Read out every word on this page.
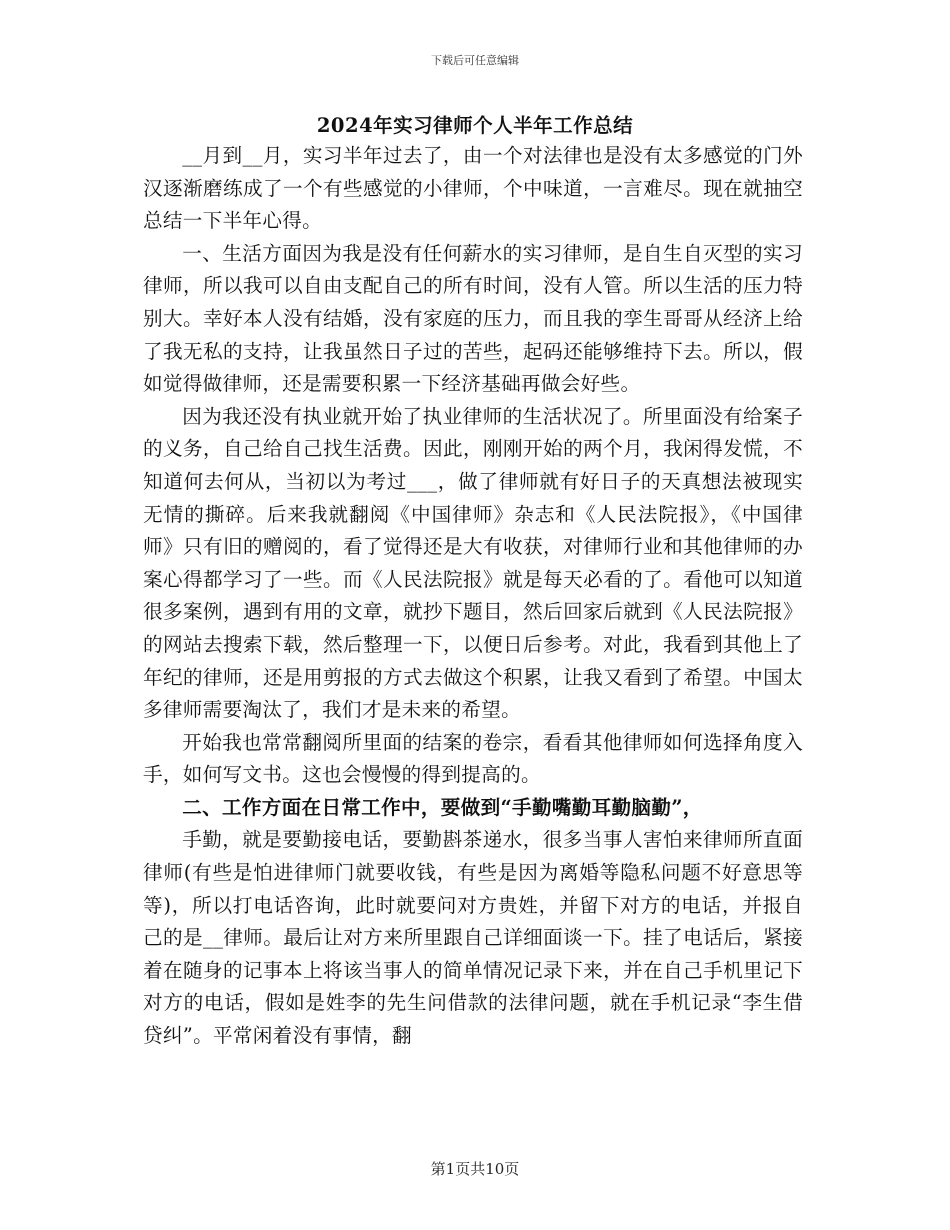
下载后可任意编辑
2024年实习律师个人半年工作总结

__月到__月，实习半年过去了，由一个对法律也是没有太多感觉的门外汉逐渐磨练成了一个有些感觉的小律师，个中味道，一言难尽。现在就抽空总结一下半年心得。

一、生活方面因为我是没有任何薪水的实习律师，是自生自灭型的实习律师，所以我可以自由支配自己的所有时间，没有人管。所以生活的压力特别大。幸好本人没有结婚，没有家庭的压力，而且我的孪生哥哥从经济上给了我无私的支持，让我虽然日子过的苦些，起码还能够维持下去。所以，假如觉得做律师，还是需要积累一下经济基础再做会好些。

因为我还没有执业就开始了执业律师的生活状况了。所里面没有给案子的义务，自己给自己找生活费。因此，刚刚开始的两个月，我闲得发慌，不知道何去何从，当初以为考过___，做了律师就有好日子的天真想法被现实无情的撕碎。后来我就翻阅《中国律师》杂志和《人民法院报》，《中国律师》只有旧的赠阅的，看了觉得还是大有收获，对律师行业和其他律师的办案心得都学习了一些。而《人民法院报》就是每天必看的了。看他可以知道很多案例，遇到有用的文章，就抄下题目，然后回家后就到《人民法院报》的网站去搜索下载，然后整理一下，以便日后参考。对此，我看到其他上了年纪的律师，还是用剪报的方式去做这个积累，让我又看到了希望。中国太多律师需要淘汰了，我们才是未来的希望。

开始我也常常翻阅所里面的结案的卷宗，看看其他律师如何选择角度入手，如何写文书。这也会慢慢的得到提高的。

二、工作方面在日常工作中，要做到“手勤嘴勤耳勤脑勤”，

手勤，就是要勤接电话，要勤斟茶递水，很多当事人害怕来律师所直面律师(有些是怕进律师门就要收钱，有些是因为离婚等隐私问题不好意思等等)，所以打电话咨询，此时就要问对方贵姓，并留下对方的电话，并报自己的是__律师。最后让对方来所里跟自己详细面谈一下。挂了电话后，紧接着在随身的记事本上将该当事人的简单情况记录下来，并在自己手机里记下对方的电话，假如是姓李的先生问借款的法律问题，就在手机记录“李生借贷纠”。平常闲着没有事情，翻

第1页共10页
